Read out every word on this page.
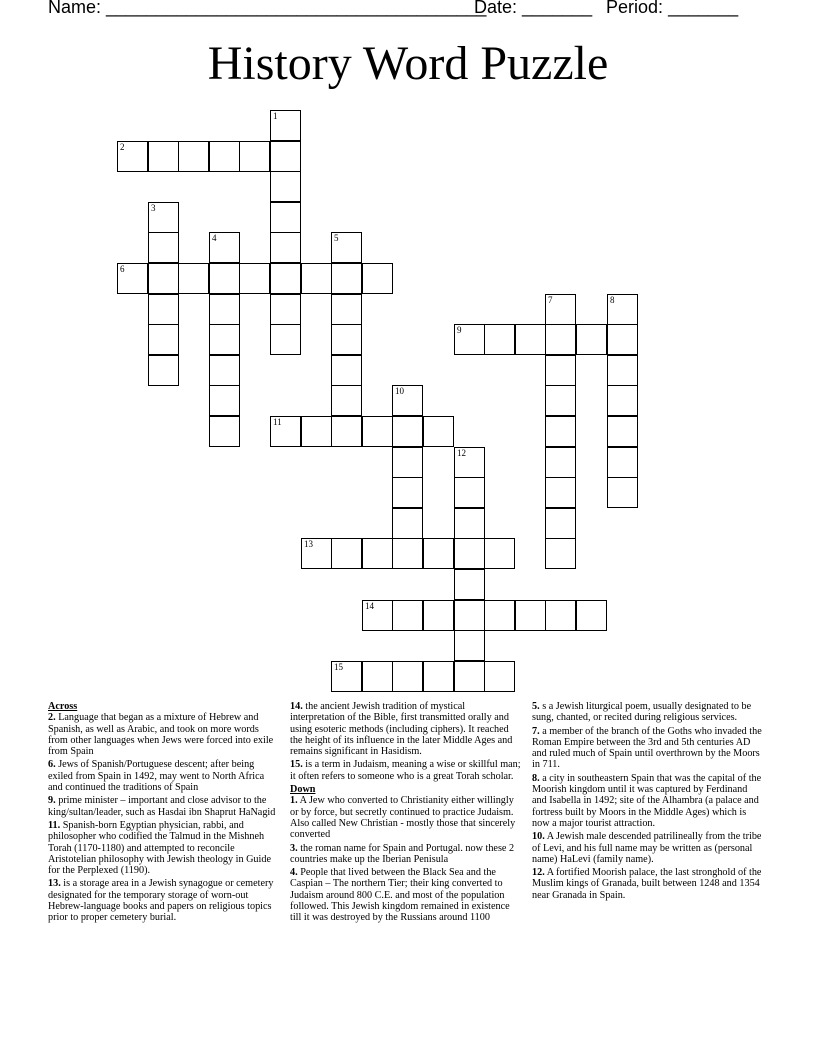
Name: ______________________________________
Date: _______ Period: _______
History Word Puzzle
1
2
3
4	5
6
7	8
9
10
11
12
13
14
15

Across

2. Language that began as a mixture of Hebrew and Spanish, as well as Arabic, and took on more words from other languages when Jews were forced into exile from Spain

6. Jews of Spanish/Portuguese descent; after being exiled from Spain in 1492, may went to North Africa and continued the traditions of Spain

9. prime minister – important and close advisor to the king/sultan/leader, such as Hasdai ibn Shaprut HaNagid

11. Spanish-born Egyptian physician, rabbi, and philosopher who codified the Talmud in the Mishneh Torah (1170-1180) and attempted to reconcile Aristotelian philosophy with Jewish theology in Guide for the Perplexed (1190).

13. is a storage area in a Jewish synagogue or cemetery designated for the temporary storage of worn-out Hebrew-language books and papers on religious topics prior to proper cemetery burial.

14. the ancient Jewish tradition of mystical interpretation of the Bible, first transmitted orally and using esoteric methods (including ciphers). It reached the height of its influence in the later Middle Ages and remains significant in Hasidism.

15. is a term in Judaism, meaning a wise or skillful man; it often refers to someone who is a great Torah scholar.

Down

1. A Jew who converted to Christianity either willingly or by force, but secretly continued to practice Judaism. Also called New Christian - mostly those that sincerely converted

3. the roman name for Spain and Portugal. now these 2 countries make up the Iberian Penisula

4. People that lived between the Black Sea and the Caspian – The northern Tier; their king converted to Judaism around 800 C.E. and most of the population followed. This Jewish kingdom remained in existence till it was destroyed by the Russians around 1100

5. s a Jewish liturgical poem, usually designated to be sung, chanted, or recited during religious services.

7. a member of the branch of the Goths who invaded the Roman Empire between the 3rd and 5th centuries AD and ruled much of Spain until overthrown by the Moors in 711.

8. a city in southeastern Spain that was the capital of the Moorish kingdom until it was captured by Ferdinand and Isabella in 1492; site of the Alhambra (a palace and fortress built by Moors in the Middle Ages) which is now a major tourist attraction.

10. A Jewish male descended patrilineally from the tribe of Levi, and his full name may be written as (personal name) HaLevi (family name).

12. A fortified Moorish palace, the last stronghold of the Muslim kings of Granada, built between 1248 and 1354 near Granada in Spain.
